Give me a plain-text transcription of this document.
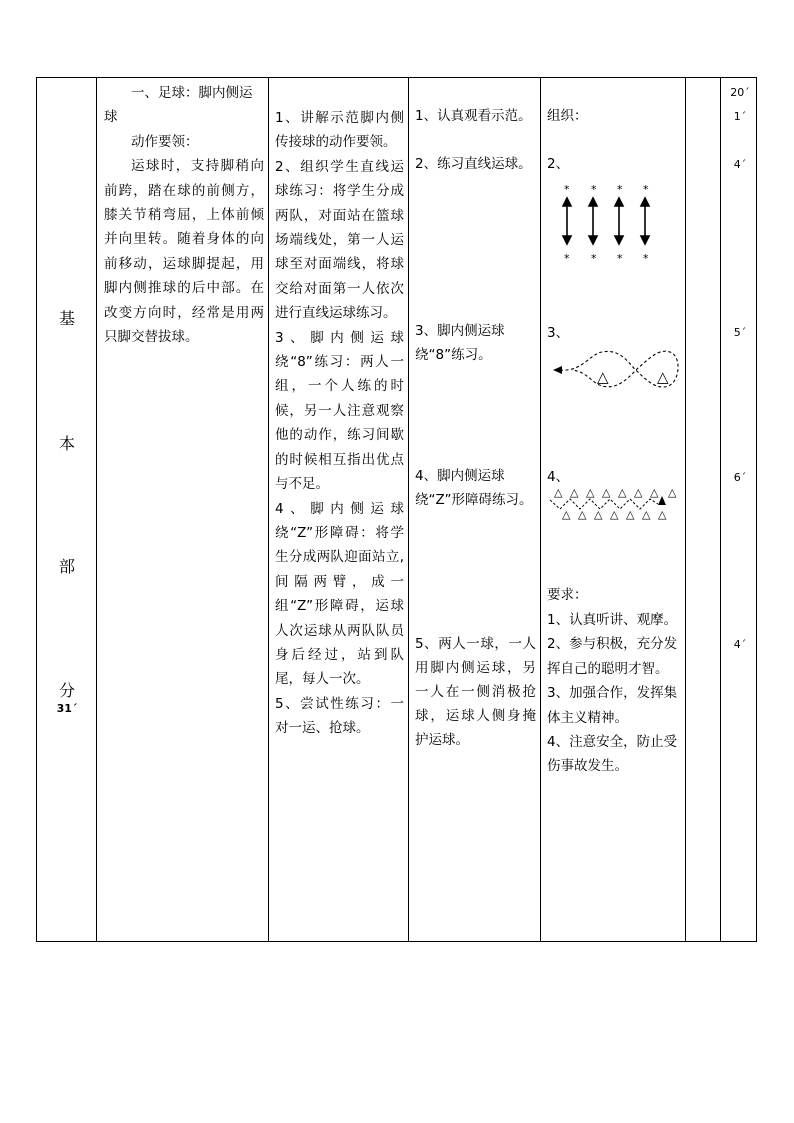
基
本
部
分
31´

一、足球：脚内侧运球

动作要领：

运球时，支持脚稍向前跨，踏在球的前侧方，膝关节稍弯屈，上体前倾并向里转。随着身体的向前移动，运球脚提起，用脚内侧推球的后中部。在改变方向时，经常是用两只脚交替拔球。

1、讲解示范脚内侧传接球的动作要领。

2、组织学生直线运球练习：将学生分成两队，对面站在篮球场端线处，第一人运球至对面端线，将球交给对面第一人依次进行直线运球练习。

3、脚内侧运球绕“8”练习：两人一组，一个人练的时候，另一人注意观察他的动作，练习间歇的时候相互指出优点与不足。

4、脚内侧运球绕“Z”形障碍：将学生分成两队迎面站立,间隔两臂，成一组“Z”形障碍，运球人次运球从两队队员身后经过，站到队尾，每人一次。

5、尝试性练习：一对一运、抢球。

1、认真观看示范。

2、练习直线运球。

3、脚内侧运球绕“8”练习。

4、脚内侧运球绕“Z”形障碍练习。

5、两人一球，一人用脚内侧运球，另一人在一侧消极抢球，运球人侧身掩护运球。

组织：

2、

* * * *
* * * *

3、

△	△

4、

△ △ △ △ △ △ △ △
△ △ △ △ △ △ △

要求：

1、认真听讲、观摩。

2、参与积极，充分发挥自己的聪明才智。

3、加强合作，发挥集体主义精神。

4、注意安全，防止受伤事故发生。

20´
1´
4´
5´
6´
4´
